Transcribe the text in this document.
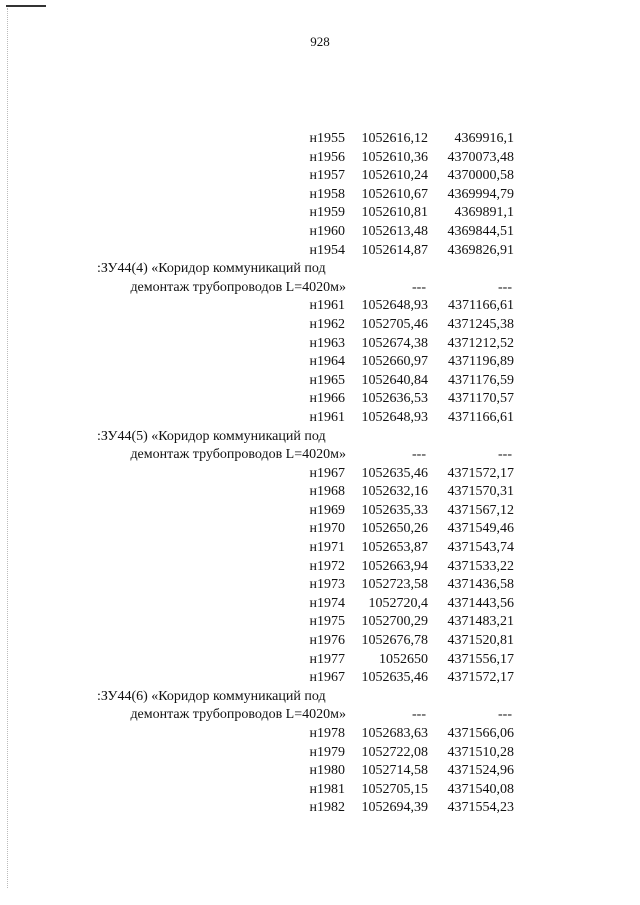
928
н1955 1052616,12 4369916,1
н1956 1052610,36 4370073,48
н1957 1052610,24 4370000,58
н1958 1052610,67 4369994,79
н1959 1052610,81 4369891,1
н1960 1052613,48 4369844,51
н1954 1052614,87 4369826,91
:ЗУ44(4) «Коридор коммуникаций под
демонтаж трубопроводов L=4020м»	---	---
н1961 1052648,93 4371166,61
н1962 1052705,46 4371245,38
н1963 1052674,38 4371212,52
н1964 1052660,97 4371196,89
н1965 1052640,84 4371176,59
н1966 1052636,53 4371170,57
н1961 1052648,93 4371166,61
:ЗУ44(5) «Коридор коммуникаций под
демонтаж трубопроводов L=4020м»	---	---
н1967 1052635,46 4371572,17
н1968 1052632,16 4371570,31
н1969 1052635,33 4371567,12
н1970 1052650,26 4371549,46
н1971 1052653,87 4371543,74
н1972 1052663,94 4371533,22
н1973 1052723,58 4371436,58
н1974 1052720,4 4371443,56
н1975 1052700,29 4371483,21
н1976 1052676,78 4371520,81
н1977 1052650 4371556,17
н1967 1052635,46 4371572,17
:ЗУ44(6) «Коридор коммуникаций под
демонтаж трубопроводов L=4020м»	---	---
н1978 1052683,63 4371566,06
н1979 1052722,08 4371510,28
н1980 1052714,58 4371524,96
н1981 1052705,15 4371540,08
н1982 1052694,39 4371554,23
